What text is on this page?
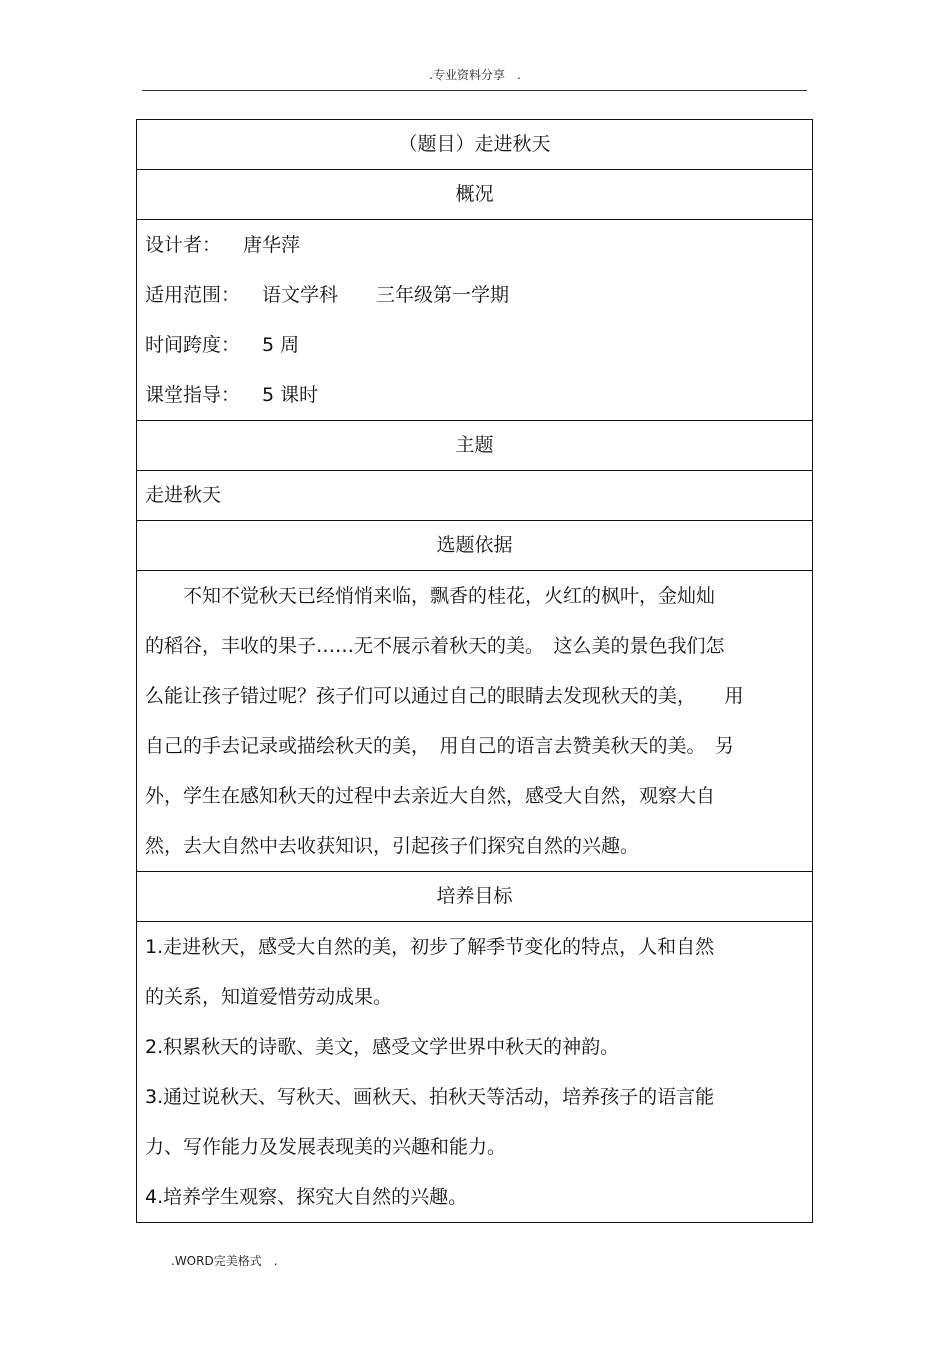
.专业资料分享　.
（题目）走进秋天
概况

设计者： 唐华萍
适用范围： 语文学科 三年级第一学期
时间跨度： 5 周
课堂指导： 5 课时

主题
走进秋天
选题依据

　　不知不觉秋天已经悄悄来临，飘香的桂花，火红的枫叶，金灿灿
的稻谷，丰收的果子……无不展示着秋天的美。　这么美的景色我们怎
么能让孩子错过呢？孩子们可以通过自己的眼睛去发现秋天的美，　　用
自己的手去记录或描绘秋天的美，　用自己的语言去赞美秋天的美。　另
外，学生在感知秋天的过程中去亲近大自然，感受大自然，观察大自
然，去大自然中去收获知识，引起孩子们探究自然的兴趣。

培养目标

1.走进秋天，感受大自然的美，初步了解季节变化的特点，人和自然
的关系，知道爱惜劳动成果。
2.积累秋天的诗歌、美文，感受文学世界中秋天的神韵。
3.通过说秋天、写秋天、画秋天、拍秋天等活动，培养孩子的语言能
力、写作能力及发展表现美的兴趣和能力。
4.培养学生观察、探究大自然的兴趣。
.WORD完美格式　.
